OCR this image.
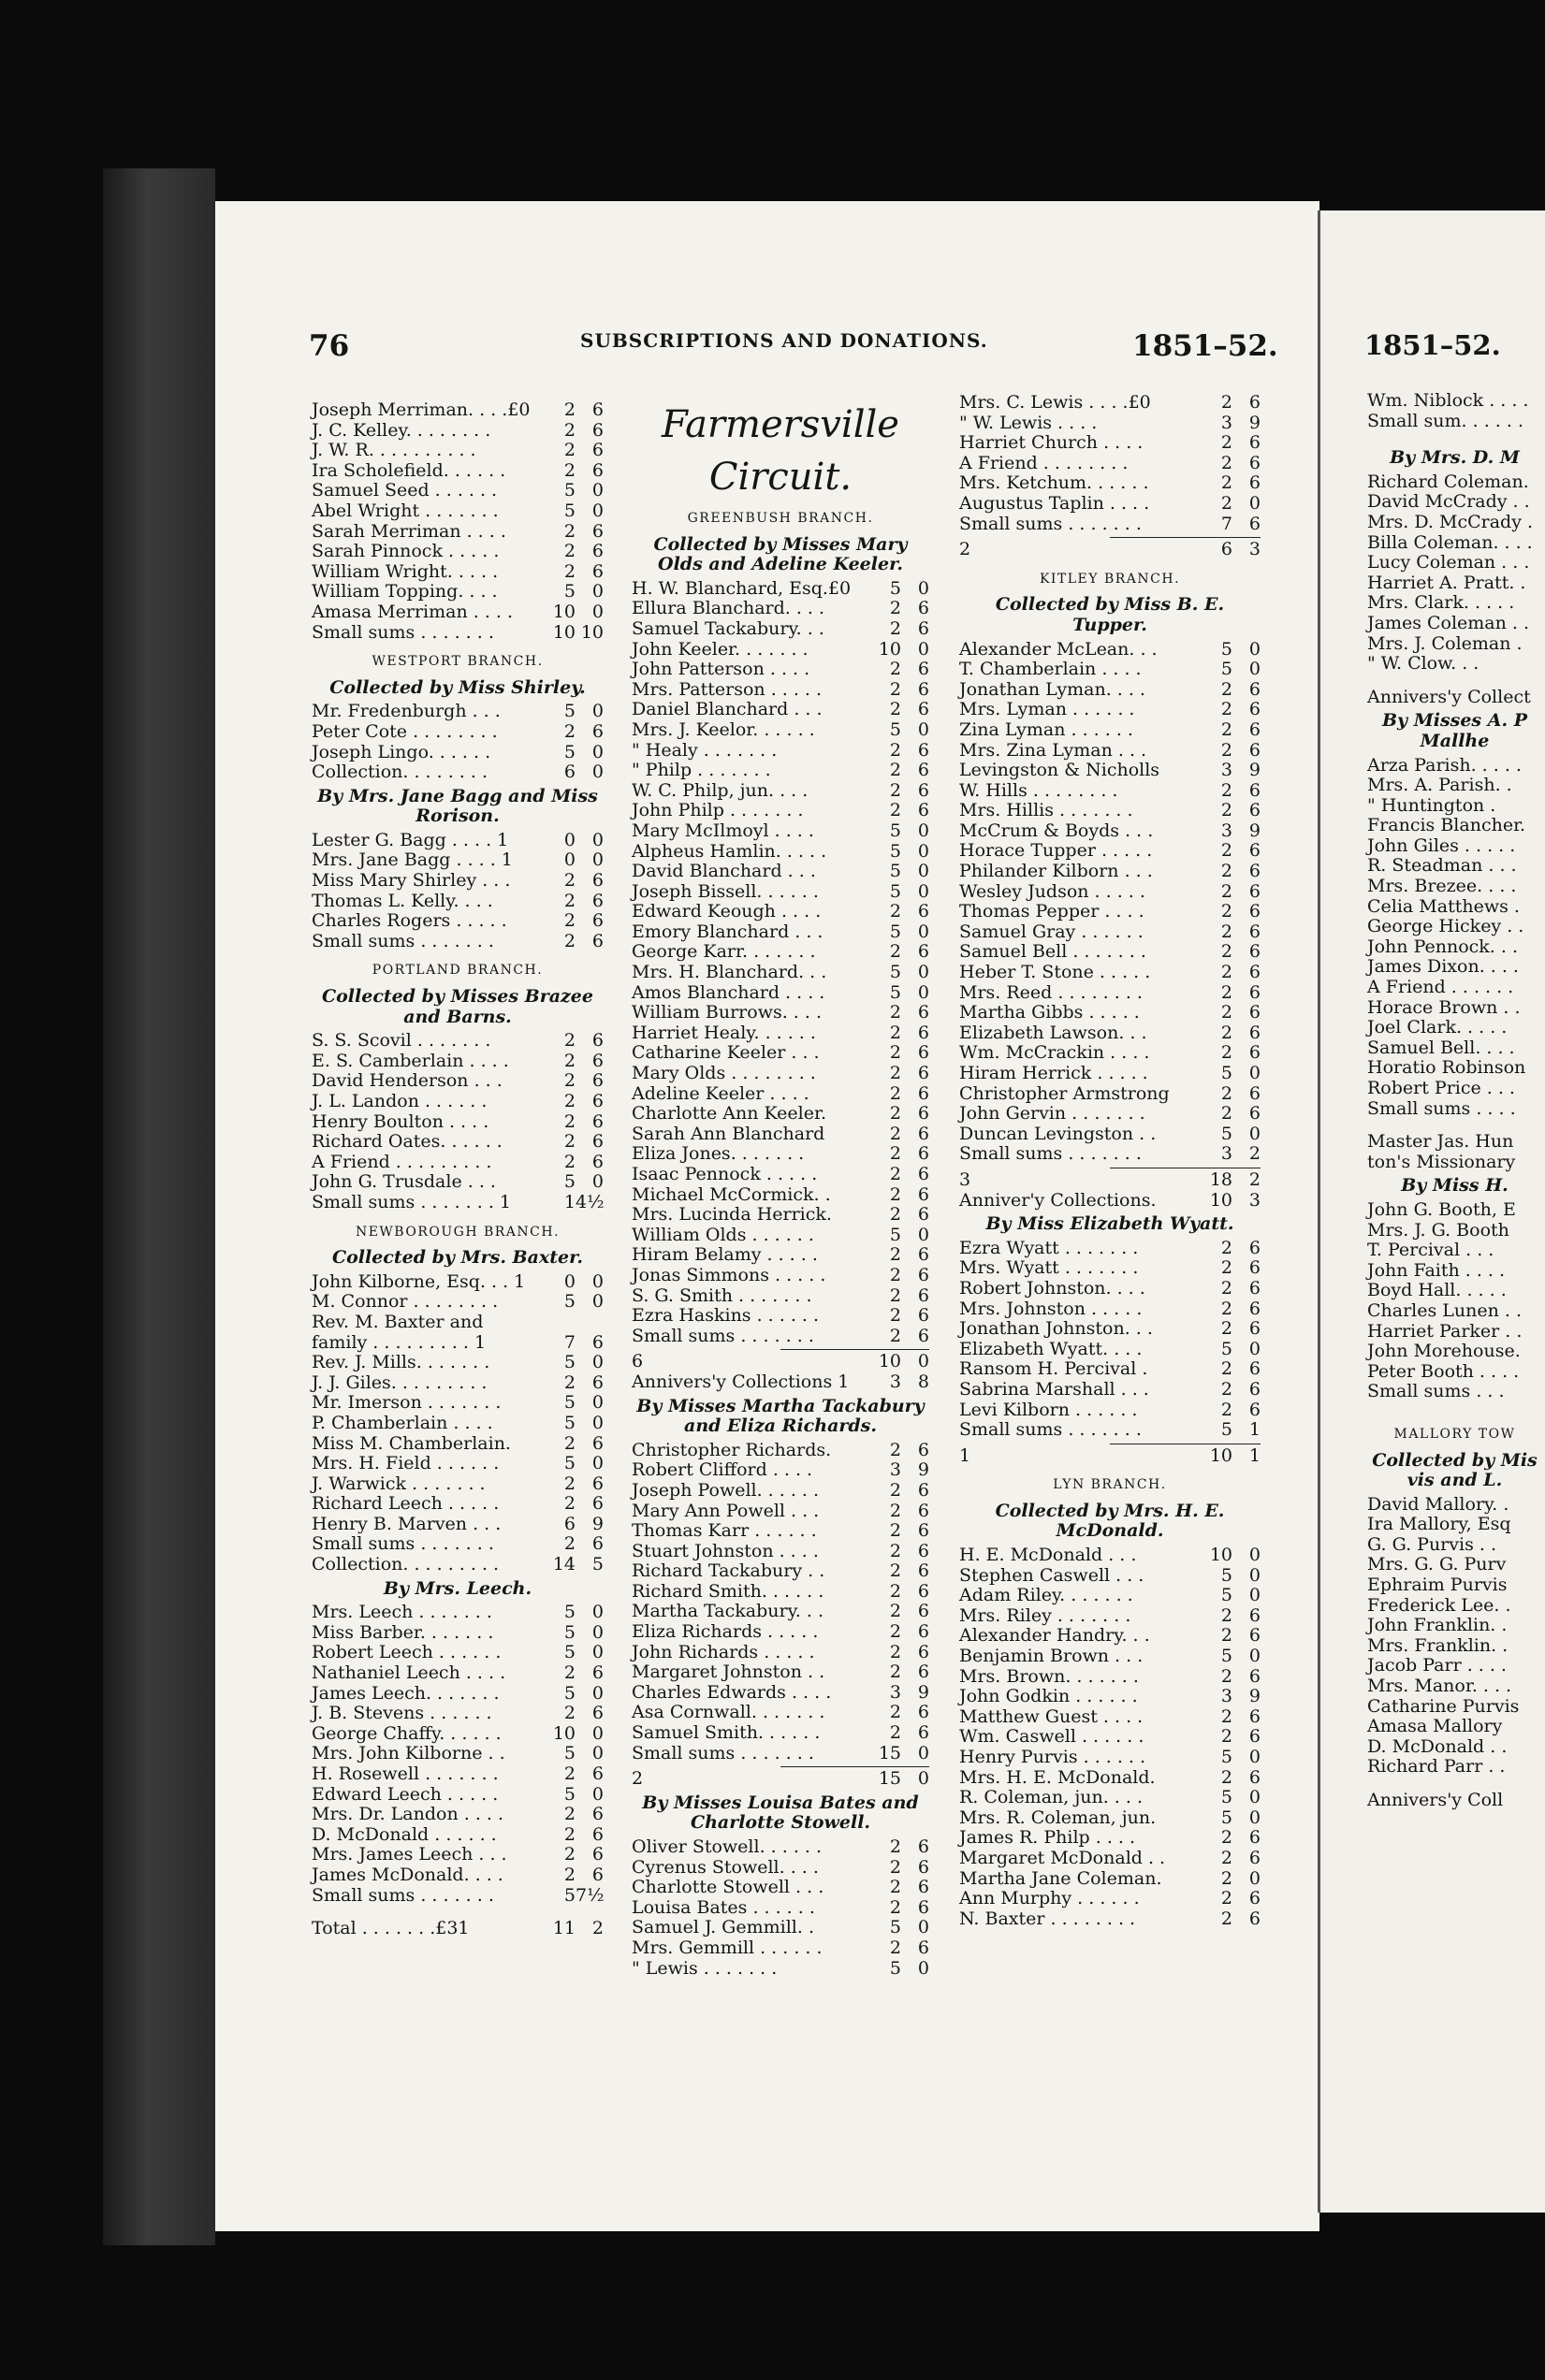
76	SUBSCRIPTIONS AND DONATIONS.	1851–52.	1851–52.
Joseph Merriman. . . .£0	2 6
J. C. Kelley. . . . . . . .	2 6
J. W. R. . . . . . . . . .	2 6
Ira Scholefield. . . . . .	2 6
Samuel Seed . . . . . .	5 0
Abel Wright . . . . . . .	5 0
Sarah Merriman . . . .	2 6
Sarah Pinnock . . . . .	2 6
William Wright. . . . .	2 6
William Topping. . . .	5 0
Amasa Merriman . . . .	10 0
Small sums . . . . . . .	10 10
WESTPORT BRANCH.
Collected by Miss Shirley.
Mr. Fredenburgh . . .	5 0
Peter Cote . . . . . . . .	2 6
Joseph Lingo. . . . . .	5 0
Collection. . . . . . . .	6 0
By Mrs. Jane Bagg and Miss Rorison.
Lester G. Bagg . . . . 1	0 0
Mrs. Jane Bagg . . . . 1	0 0
Miss Mary Shirley . . .	2 6
Thomas L. Kelly. . . .	2 6
Charles Rogers . . . . .	2 6
Small sums . . . . . . .	2 6
PORTLAND BRANCH.
Collected by Misses Brazee and Barns.
S. S. Scovil . . . . . . .	2 6
E. S. Camberlain . . . .	2 6
David Henderson . . .	2 6
J. L. Landon . . . . . .	2 6
Henry Boulton . . . .	2 6
Richard Oates. . . . . .	2 6
A Friend . . . . . . . . .	2 6
John G. Trusdale . . .	5 0
Small sums . . . . . . . 1	1 4½
NEWBOROUGH BRANCH.
Collected by Mrs. Baxter.
John Kilborne, Esq. . . 1	0 0
M. Connor . . . . . . . .	5 0
Rev. M. Baxter and
family . . . . . . . . . 1	7 6
Rev. J. Mills. . . . . . .	5 0
J. J. Giles. . . . . . . . .	2 6
Mr. Imerson . . . . . . .	5 0
P. Chamberlain . . . .	5 0
Miss M. Chamberlain.	2 6
Mrs. H. Field . . . . . .	5 0
J. Warwick . . . . . . .	2 6
Richard Leech . . . . .	2 6
Henry B. Marven . . .	6 9
Small sums . . . . . . .	2 6
Collection. . . . . . . . .	14 5
By Mrs. Leech.
Mrs. Leech . . . . . . .	5 0
Miss Barber. . . . . . .	5 0
Robert Leech . . . . . .	5 0
Nathaniel Leech . . . .	2 6
James Leech. . . . . . .	5 0
J. B. Stevens . . . . . .	2 6
George Chaffy. . . . . .	10 0
Mrs. John Kilborne . .	5 0
H. Rosewell . . . . . . .	2 6
Edward Leech . . . . .	5 0
Mrs. Dr. Landon . . . .	2 6
D. McDonald . . . . . .	2 6
Mrs. James Leech . . .	2 6
James McDonald. . . .	2 6
Small sums . . . . . . .	5 7½
Total . . . . . . .£31	11 2
Farmersville
Circuit.
GREENBUSH BRANCH.
Collected by Misses Mary Olds and Adeline Keeler.
H. W. Blanchard, Esq.£0	5 0
Ellura Blanchard. . . .	2 6
Samuel Tackabury. . .	2 6
John Keeler. . . . . . .	10 0
John Patterson . . . .	2 6
Mrs. Patterson . . . . .	2 6
Daniel Blanchard . . .	2 6
Mrs. J. Keelor. . . . . .	5 0
" Healy . . . . . . .	2 6
" Philp . . . . . . .	2 6
W. C. Philp, jun. . . .	2 6
John Philp . . . . . . .	2 6
Mary McIlmoyl . . . .	5 0
Alpheus Hamlin. . . . .	5 0
David Blanchard . . .	5 0
Joseph Bissell. . . . . .	5 0
Edward Keough . . . .	2 6
Emory Blanchard . . .	5 0
George Karr. . . . . . .	2 6
Mrs. H. Blanchard. . .	5 0
Amos Blanchard . . . .	5 0
William Burrows. . . .	2 6
Harriet Healy. . . . . .	2 6
Catharine Keeler . . .	2 6
Mary Olds . . . . . . . .	2 6
Adeline Keeler . . . .	2 6
Charlotte Ann Keeler.	2 6
Sarah Ann Blanchard	2 6
Eliza Jones. . . . . . .	2 6
Isaac Pennock . . . . .	2 6
Michael McCormick. .	2 6
Mrs. Lucinda Herrick.	2 6
William Olds . . . . . .	5 0
Hiram Belamy . . . . .	2 6
Jonas Simmons . . . . .	2 6
S. G. Smith . . . . . . .	2 6
Ezra Haskins . . . . . .	2 6
Small sums . . . . . . .	2 6
6	10 0
Annivers'y Collections 1	3 8
By Misses Martha Tackabury and Eliza Richards.
Christopher Richards.	2 6
Robert Clifford . . . .	3 9
Joseph Powell. . . . . .	2 6
Mary Ann Powell . . .	2 6
Thomas Karr . . . . . .	2 6
Stuart Johnston . . . .	2 6
Richard Tackabury . .	2 6
Richard Smith. . . . . .	2 6
Martha Tackabury. . .	2 6
Eliza Richards . . . . .	2 6
John Richards . . . . .	2 6
Margaret Johnston . .	2 6
Charles Edwards . . . .	3 9
Asa Cornwall. . . . . . .	2 6
Samuel Smith. . . . . .	2 6
Small sums . . . . . . .	15 0
2	15 0
By Misses Louisa Bates and Charlotte Stowell.
Oliver Stowell. . . . . .	2 6
Cyrenus Stowell. . . .	2 6
Charlotte Stowell . . .	2 6
Louisa Bates . . . . . .	2 6
Samuel J. Gemmill. .	5 0
Mrs. Gemmill . . . . . .	2 6
" Lewis . . . . . . .	5 0
Mrs. C. Lewis . . . .£0	2 6
" W. Lewis . . . .	3 9
Harriet Church . . . .	2 6
A Friend . . . . . . . .	2 6
Mrs. Ketchum. . . . . .	2 6
Augustus Taplin . . . .	2 0
Small sums . . . . . . .	7 6
2	6 3
KITLEY BRANCH.
Collected by Miss B. E. Tupper.
Alexander McLean. . .	5 0
T. Chamberlain . . . .	5 0
Jonathan Lyman. . . .	2 6
Mrs. Lyman . . . . . .	2 6
Zina Lyman . . . . . .	2 6
Mrs. Zina Lyman . . .	2 6
Levingston & Nicholls	3 9
W. Hills . . . . . . . .	2 6
Mrs. Hillis . . . . . . .	2 6
McCrum & Boyds . . .	3 9
Horace Tupper . . . . .	2 6
Philander Kilborn . . .	2 6
Wesley Judson . . . . .	2 6
Thomas Pepper . . . .	2 6
Samuel Gray . . . . . .	2 6
Samuel Bell . . . . . . .	2 6
Heber T. Stone . . . . .	2 6
Mrs. Reed . . . . . . . .	2 6
Martha Gibbs . . . . .	2 6
Elizabeth Lawson. . .	2 6
Wm. McCrackin . . . .	2 6
Hiram Herrick . . . . .	5 0
Christopher Armstrong	2 6
John Gervin . . . . . . .	2 6
Duncan Levingston . .	5 0
Small sums . . . . . . .	3 2
3	18 2
Anniver'y Collections.	10 3
By Miss Elizabeth Wyatt.
Ezra Wyatt . . . . . . .	2 6
Mrs. Wyatt . . . . . . .	2 6
Robert Johnston. . . .	2 6
Mrs. Johnston . . . . .	2 6
Jonathan Johnston. . .	2 6
Elizabeth Wyatt. . . .	5 0
Ransom H. Percival .	2 6
Sabrina Marshall . . .	2 6
Levi Kilborn . . . . . .	2 6
Small sums . . . . . . .	5 1
1	10 1
LYN BRANCH.
Collected by Mrs. H. E. McDonald.
H. E. McDonald . . .	10 0
Stephen Caswell . . .	5 0
Adam Riley. . . . . . .	5 0
Mrs. Riley . . . . . . .	2 6
Alexander Handry. . .	2 6
Benjamin Brown . . .	5 0
Mrs. Brown. . . . . . .	2 6
John Godkin . . . . . .	3 9
Matthew Guest . . . .	2 6
Wm. Caswell . . . . . .	2 6
Henry Purvis . . . . . .	5 0
Mrs. H. E. McDonald.	2 6
R. Coleman, jun. . . .	5 0
Mrs. R. Coleman, jun.	5 0
James R. Philp . . . .	2 6
Margaret McDonald . .	2 6
Martha Jane Coleman.	2 0
Ann Murphy . . . . . .	2 6
N. Baxter . . . . . . . .	2 6
Wm. Niblock . . . .
Small sum. . . . . .
By Mrs. D. M
Richard Coleman.
David McCrady . .
Mrs. D. McCrady .
Billa Coleman. . . .
Lucy Coleman . . .
Harriet A. Pratt. .
Mrs. Clark. . . . .
James Coleman . .
Mrs. J. Coleman .
" W. Clow. . .
Annivers'y Collect
By Misses A. P Mallhe
Arza Parish. . . . .
Mrs. A. Parish. .
" Huntington .
Francis Blancher.
John Giles . . . . .
R. Steadman . . .
Mrs. Brezee. . . .
Celia Matthews .
George Hickey . .
John Pennock. . .
James Dixon. . . .
A Friend . . . . . .
Horace Brown . .
Joel Clark. . . . .
Samuel Bell. . . .
Horatio Robinson
Robert Price . . .
Small sums . . . .
Master Jas. Hun
ton's Missionary
By Miss H.
John G. Booth, E
Mrs. J. G. Booth
T. Percival . . .
John Faith . . . .
Boyd Hall. . . . .
Charles Lunen . .
Harriet Parker . .
John Morehouse.
Peter Booth . . . .
Small sums . . .
MALLORY TOW
Collected by Mis vis and L.
David Mallory. .
Ira Mallory, Esq
G. G. Purvis . .
Mrs. G. G. Purv
Ephraim Purvis
Frederick Lee. .
John Franklin. .
Mrs. Franklin. .
Jacob Parr . . . .
Mrs. Manor. . . .
Catharine Purvis
Amasa Mallory
D. McDonald . .
Richard Parr . .
Annivers'y Coll
